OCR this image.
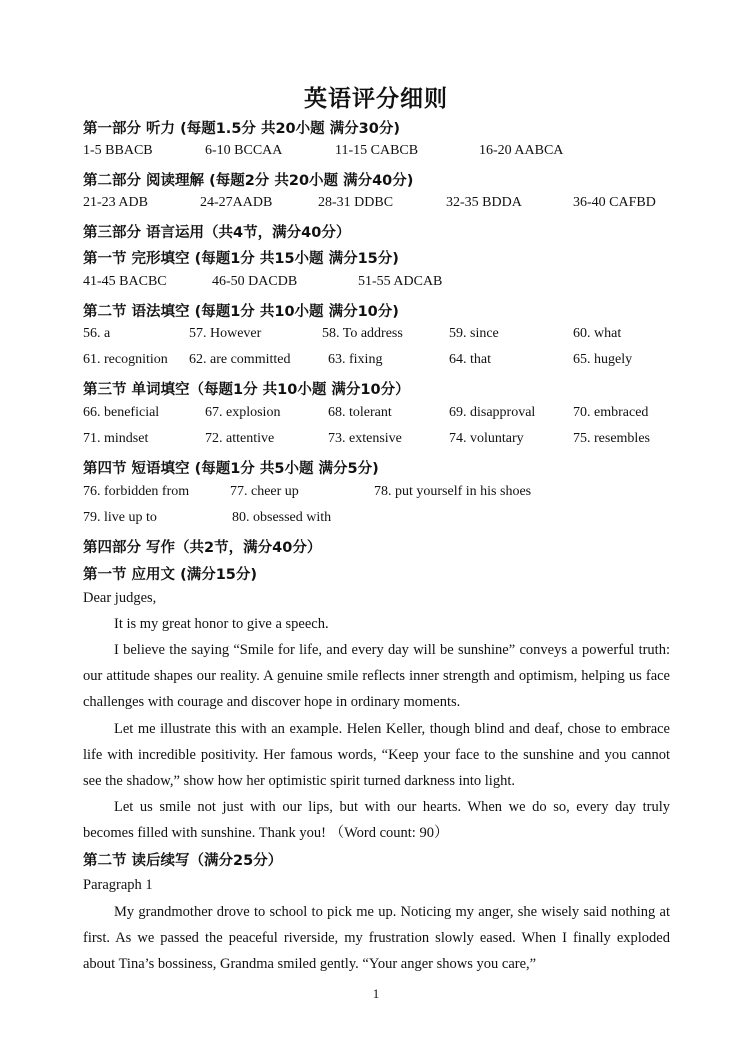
英语评分细则
第一部分 听力 (每题1.5分 共20小题 满分30分)
1-5 BBACB	6-10 BCCAA	11-15 CABCB	16-20 AABCA
第二部分 阅读理解 (每题2分 共20小题 满分40分)
21-23 ADB	24-27AADB	28-31 DDBC	32-35 BDDA	36-40 CAFBD
第三部分 语言运用（共4节，满分40分）
第一节 完形填空 (每题1分 共15小题 满分15分)
41-45 BACBC	46-50 DACDB	51-55 ADCAB
第二节 语法填空 (每题1分 共10小题 满分10分)
56. a	57. However	58. To address	59. since	60. what
61. recognition 62. are committed	63. fixing	64. that	65. hugely
第三节 单词填空（每题1分 共10小题 满分10分）
66. beneficial	67. explosion	68. tolerant	69. disapproval	70. embraced
71. mindset	72. attentive	73. extensive	74. voluntary	75. resembles
第四节 短语填空 (每题1分 共5小题 满分5分)
76. forbidden from	77. cheer up	78. put yourself in his shoes
79. live up to	80. obsessed with
第四部分 写作（共2节，满分40分）
第一节 应用文 (满分15分)
Dear judges,
It is my great honor to give a speech.
I believe the saying “Smile for life, and every day will be sunshine” conveys a powerful truth: our attitude shapes our reality. A genuine smile reflects inner strength and optimism, helping us face challenges with courage and discover hope in ordinary moments.
Let me illustrate this with an example. Helen Keller, though blind and deaf, chose to embrace life with incredible positivity. Her famous words, “Keep your face to the sunshine and you cannot see the shadow,” show how her optimistic spirit turned darkness into light.
Let us smile not just with our lips, but with our hearts. When we do so, every day truly becomes filled with sunshine. Thank you! （Word count: 90）
第二节 读后续写（满分25分）
Paragraph 1
My grandmother drove to school to pick me up. Noticing my anger, she wisely said nothing at first. As we passed the peaceful riverside, my frustration slowly eased. When I finally exploded about Tina’s bossiness, Grandma smiled gently. “Your anger shows you care,”
1
